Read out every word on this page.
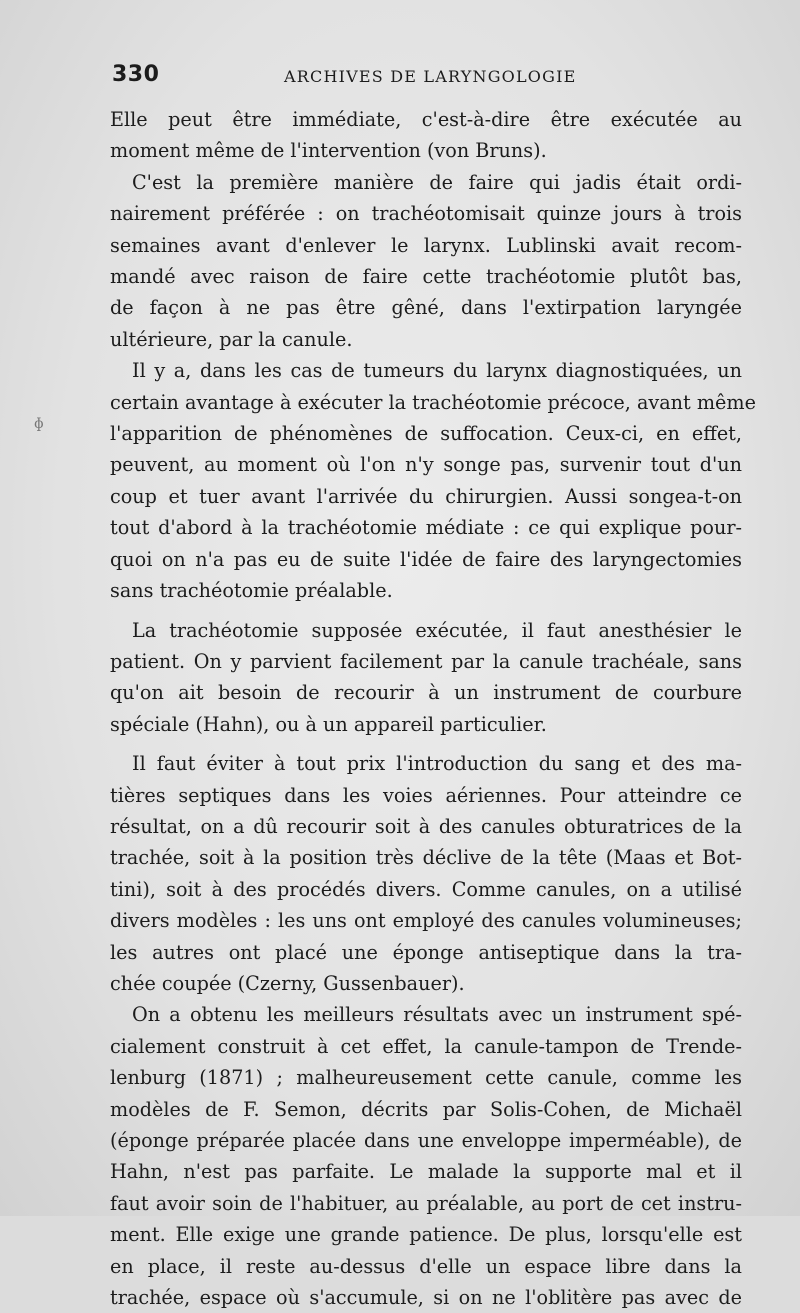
330	ARCHIVES DE LARYNGOLOGIE
ɸ

Elle peut être immédiate, c'est-à-dire être exécutée au
moment même de l'intervention (von Bruns).

C'est la première manière de faire qui jadis était ordi-
nairement préférée : on trachéotomisait quinze jours à trois
semaines avant d'enlever le larynx. Lublinski avait recom-
mandé avec raison de faire cette trachéotomie plutôt bas,
de façon à ne pas être gêné, dans l'extirpation laryngée
ultérieure, par la canule.

Il y a, dans les cas de tumeurs du larynx diagnostiquées, un
certain avantage à exécuter la trachéotomie précoce, avant même
l'apparition de phénomènes de suffocation. Ceux-ci, en effet,
peuvent, au moment où l'on n'y songe pas, survenir tout d'un
coup et tuer avant l'arrivée du chirurgien. Aussi songea-t-on
tout d'abord à la trachéotomie médiate : ce qui explique pour-
quoi on n'a pas eu de suite l'idée de faire des laryngectomies
sans trachéotomie préalable.

La trachéotomie supposée exécutée, il faut anesthésier le
patient. On y parvient facilement par la canule trachéale, sans
qu'on ait besoin de recourir à un instrument de courbure
spéciale (Hahn), ou à un appareil particulier.

Il faut éviter à tout prix l'introduction du sang et des ma-
tières septiques dans les voies aériennes. Pour atteindre ce
résultat, on a dû recourir soit à des canules obturatrices de la
trachée, soit à la position très déclive de la tête (Maas et Bot-
tini), soit à des procédés divers. Comme canules, on a utilisé
divers modèles : les uns ont employé des canules volumineuses;
les autres ont placé une éponge antiseptique dans la tra-
chée coupée (Czerny, Gussenbauer).

On a obtenu les meilleurs résultats avec un instrument spé-
cialement construit à cet effet, la canule-tampon de Trende-
lenburg (1871) ; malheureusement cette canule, comme les
modèles de F. Semon, décrits par Solis-Cohen, de Michaël
(éponge préparée placée dans une enveloppe imperméable), de
Hahn, n'est pas parfaite. Le malade la supporte mal et il
faut avoir soin de l'habituer, au préalable, au port de cet instru-
ment. Elle exige une grande patience. De plus, lorsqu'elle est
en place, il reste au-dessus d'elle un espace libre dans la
trachée, espace où s'accumule, si on ne l'oblitère pas avec de
